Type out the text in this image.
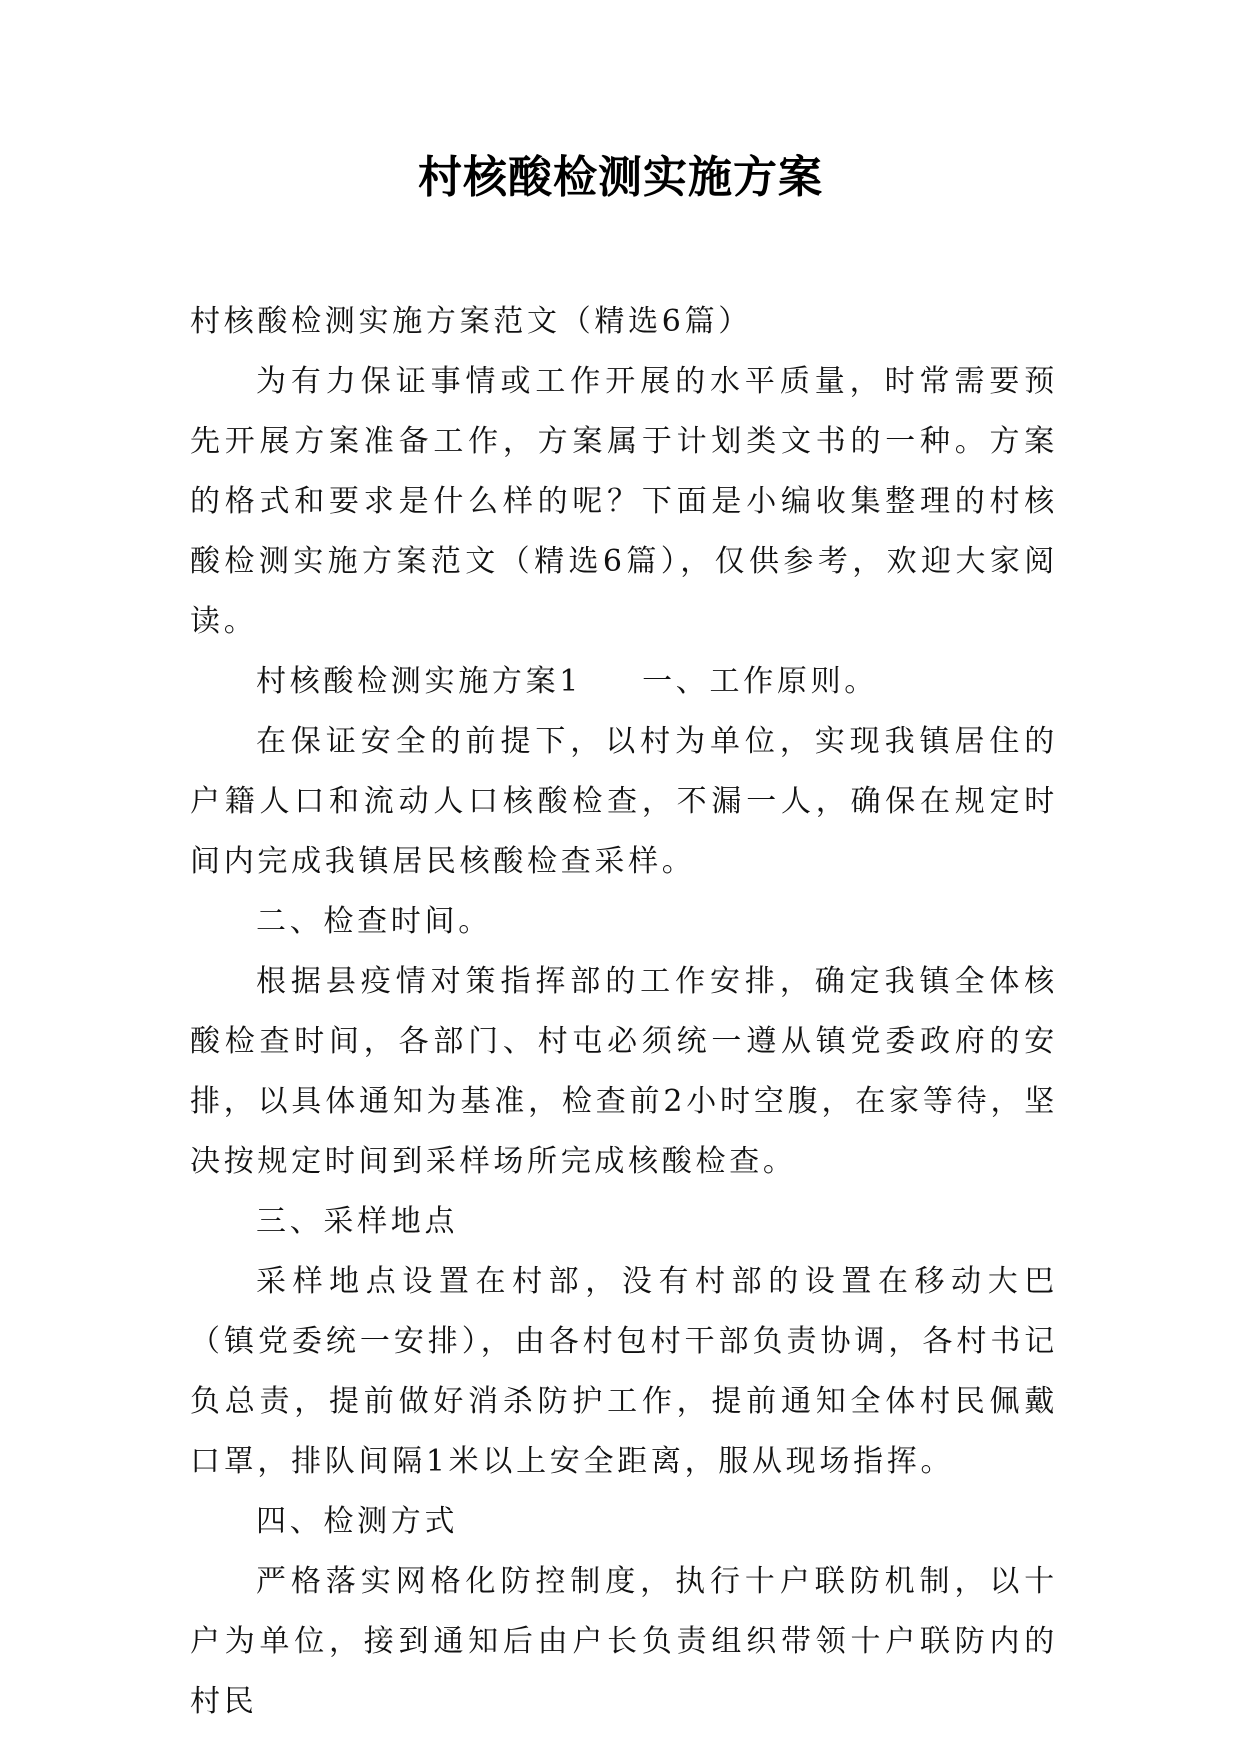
村核酸检测实施方案

村核酸检测实施方案范文（精选6篇）

为有力保证事情或工作开展的水平质量，时常需要预先开展方案准备工作，方案属于计划类文书的一种。方案的格式和要求是什么样的呢？下面是小编收集整理的村核酸检测实施方案范文（精选6篇），仅供参考，欢迎大家阅读。

村核酸检测实施方案1 一、工作原则。

在保证安全的前提下，以村为单位，实现我镇居住的户籍人口和流动人口核酸检查，不漏一人，确保在规定时间内完成我镇居民核酸检查采样。

二、检查时间。

根据县疫情对策指挥部的工作安排，确定我镇全体核酸检查时间，各部门、村屯必须统一遵从镇党委政府的安排，以具体通知为基准，检查前2小时空腹，在家等待，坚决按规定时间到采样场所完成核酸检查。

三、采样地点

采样地点设置在村部，没有村部的设置在移动大巴（镇党委统一安排），由各村包村干部负责协调，各村书记负总责，提前做好消杀防护工作，提前通知全体村民佩戴口罩，排队间隔1米以上安全距离，服从现场指挥。

四、检测方式

严格落实网格化防控制度，执行十户联防机制，以十户为单位，接到通知后由户长负责组织带领十户联防内的村民
